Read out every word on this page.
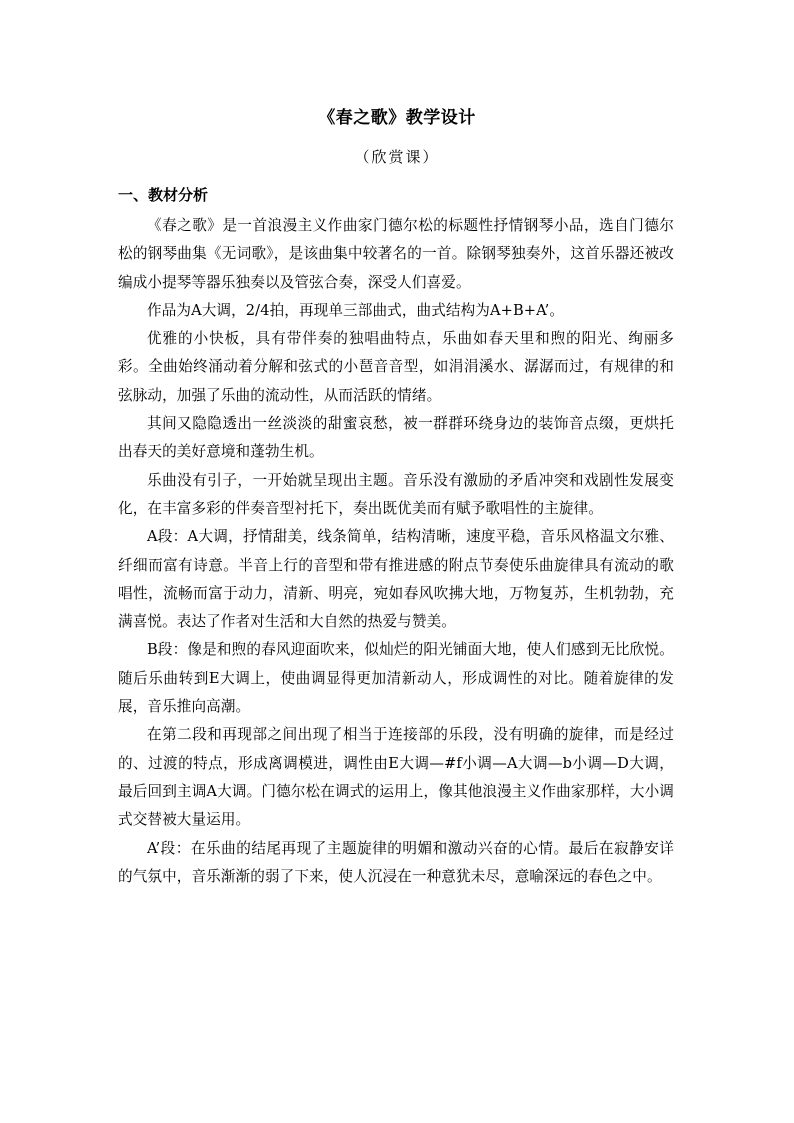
《春之歌》教学设计
（欣赏课）
一、教材分析

《春之歌》是一首浪漫主义作曲家门德尔松的标题性抒情钢琴小品，选自门德尔松的钢琴曲集《无词歌》，是该曲集中较著名的一首。除钢琴独奏外，这首乐器还被改编成小提琴等器乐独奏以及管弦合奏，深受人们喜爱。

作品为A大调，2/4拍，再现单三部曲式，曲式结构为A+B+A’。

优雅的小快板，具有带伴奏的独唱曲特点，乐曲如春天里和煦的阳光、绚丽多彩。全曲始终涌动着分解和弦式的小琶音音型，如涓涓溪水、潺潺而过，有规律的和弦脉动，加强了乐曲的流动性，从而活跃的情绪。

其间又隐隐透出一丝淡淡的甜蜜哀愁，被一群群环绕身边的装饰音点缀，更烘托出春天的美好意境和蓬勃生机。

乐曲没有引子，一开始就呈现出主题。音乐没有激励的矛盾冲突和戏剧性发展变化，在丰富多彩的伴奏音型衬托下，奏出既优美而有赋予歌唱性的主旋律。

A段：A大调，抒情甜美，线条简单，结构清晰，速度平稳，音乐风格温文尔雅、纤细而富有诗意。半音上行的音型和带有推进感的附点节奏使乐曲旋律具有流动的歌唱性，流畅而富于动力，清新、明亮，宛如春风吹拂大地，万物复苏，生机勃勃，充满喜悦。表达了作者对生活和大自然的热爱与赞美。

B段：像是和煦的春风迎面吹来，似灿烂的阳光铺面大地，使人们感到无比欣悦。随后乐曲转到E大调上，使曲调显得更加清新动人，形成调性的对比。随着旋律的发展，音乐推向高潮。

在第二段和再现部之间出现了相当于连接部的乐段，没有明确的旋律，而是经过的、过渡的特点，形成离调模进，调性由E大调—#f小调—A大调—b小调—D大调，最后回到主调A大调。门德尔松在调式的运用上，像其他浪漫主义作曲家那样，大小调式交替被大量运用。

A’段：在乐曲的结尾再现了主题旋律的明媚和激动兴奋的心情。最后在寂静安详的气氛中，音乐渐渐的弱了下来，使人沉浸在一种意犹未尽，意喻深远的春色之中。
